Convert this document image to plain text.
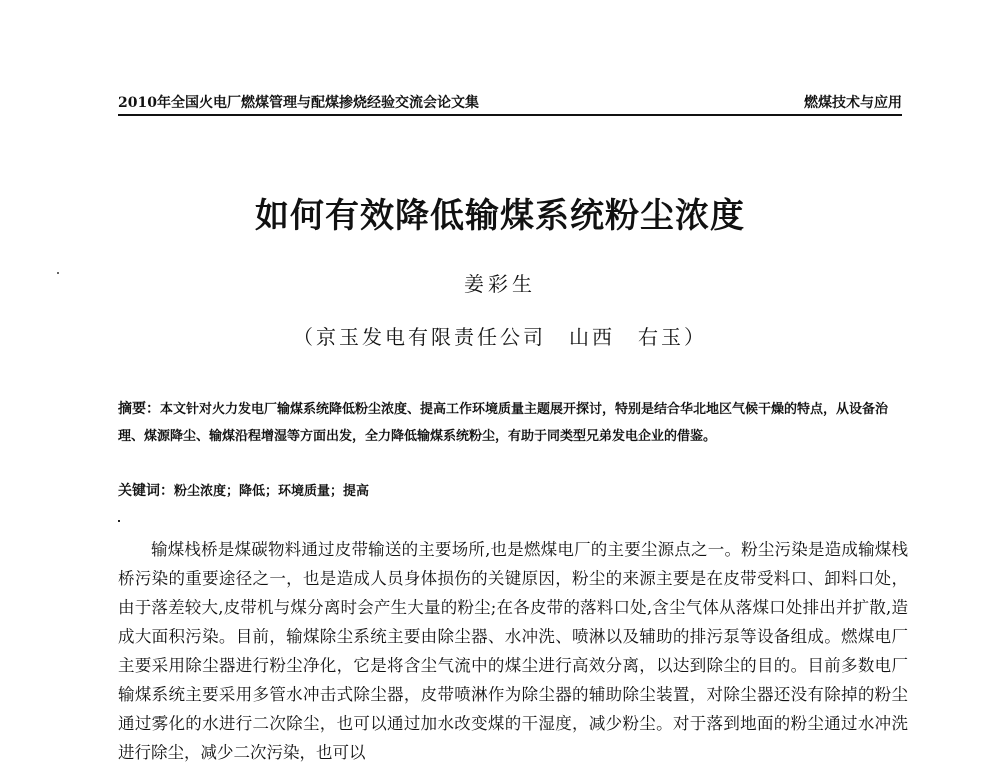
2010年全国火电厂燃煤管理与配煤掺烧经验交流会论文集	燃煤技术与应用
如何有效降低输煤系统粉尘浓度
姜彩生
（京玉发电有限责任公司　山西　右玉）
摘要：本文针对火力发电厂输煤系统降低粉尘浓度、提高工作环境质量主题展开探讨，特别是结合华北地区气候干燥的特点，从设备治理、煤源降尘、输煤沿程增湿等方面出发，全力降低输煤系统粉尘，有助于同类型兄弟发电企业的借鉴。
关键词：粉尘浓度；降低；环境质量；提高
输煤栈桥是煤碳物料通过皮带输送的主要场所,也是燃煤电厂的主要尘源点之一。粉尘污染是造成输煤栈桥污染的重要途径之一，也是造成人员身体损伤的关键原因，粉尘的来源主要是在皮带受料口、卸料口处，由于落差较大,皮带机与煤分离时会产生大量的粉尘;在各皮带的落料口处,含尘气体从落煤口处排出并扩散,造成大面积污染。目前，输煤除尘系统主要由除尘器、水冲洗、喷淋以及辅助的排污泵等设备组成。燃煤电厂主要采用除尘器进行粉尘净化，它是将含尘气流中的煤尘进行高效分离，以达到除尘的目的。目前多数电厂输煤系统主要采用多管水冲击式除尘器，皮带喷淋作为除尘器的辅助除尘装置，对除尘器还没有除掉的粉尘通过雾化的水进行二次除尘，也可以通过加水改变煤的干湿度，减少粉尘。对于落到地面的粉尘通过水冲洗进行除尘，减少二次污染，也可以
